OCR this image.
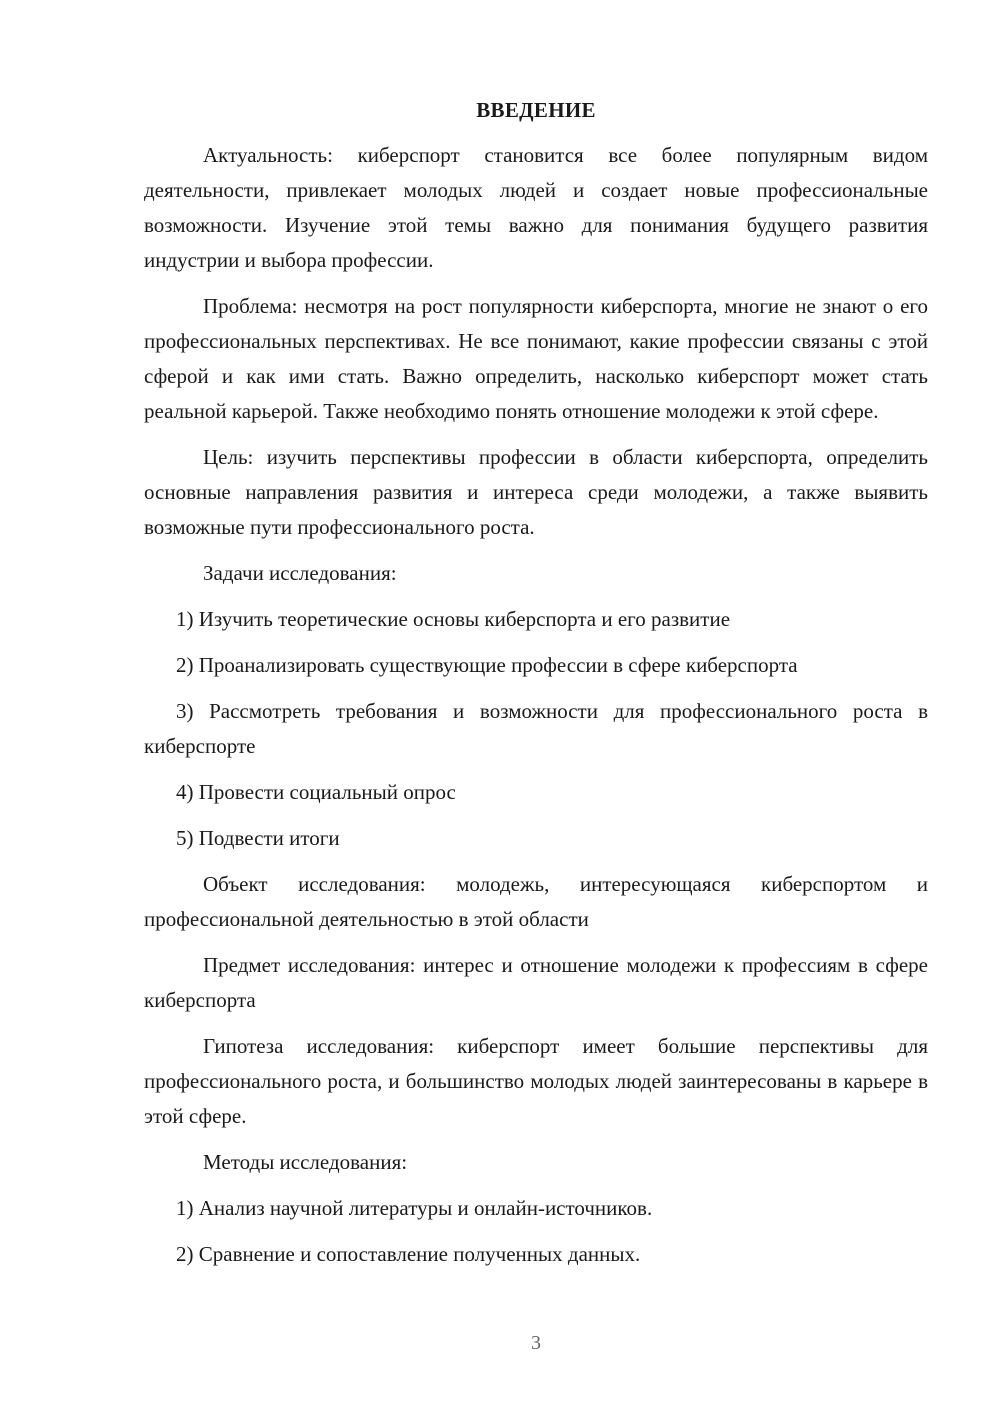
ВВЕДЕНИЕ

Актуальность: киберспорт становится все более популярным видом деятельности, привлекает молодых людей и создает новые профессиональные возможности. Изучение этой темы важно для понимания будущего развития индустрии и выбора профессии.

Проблема: несмотря на рост популярности киберспорта, многие не знают о его профессиональных перспективах. Не все понимают, какие профессии связаны с этой сферой и как ими стать. Важно определить, насколько киберспорт может стать реальной карьерой. Также необходимо понять отношение молодежи к этой сфере.

Цель: изучить перспективы профессии в области киберспорта, определить основные направления развития и интереса среди молодежи, а также выявить возможные пути профессионального роста.

Задачи исследования:

1) Изучить теоретические основы киберспорта и его развитие

2) Проанализировать существующие профессии в сфере киберспорта

3) Рассмотреть требования и возможности для профессионального роста в киберспорте

4) Провести социальный опрос

5) Подвести итоги

Объект исследования: молодежь, интересующаяся киберспортом и профессиональной деятельностью в этой области

Предмет исследования: интерес и отношение молодежи к профессиям в сфере киберспорта

Гипотеза исследования: киберспорт имеет большие перспективы для профессионального роста, и большинство молодых людей заинтересованы в карьере в этой сфере.

Методы исследования:

1) Анализ научной литературы и онлайн-источников.

2) Сравнение и сопоставление полученных данных.

3
